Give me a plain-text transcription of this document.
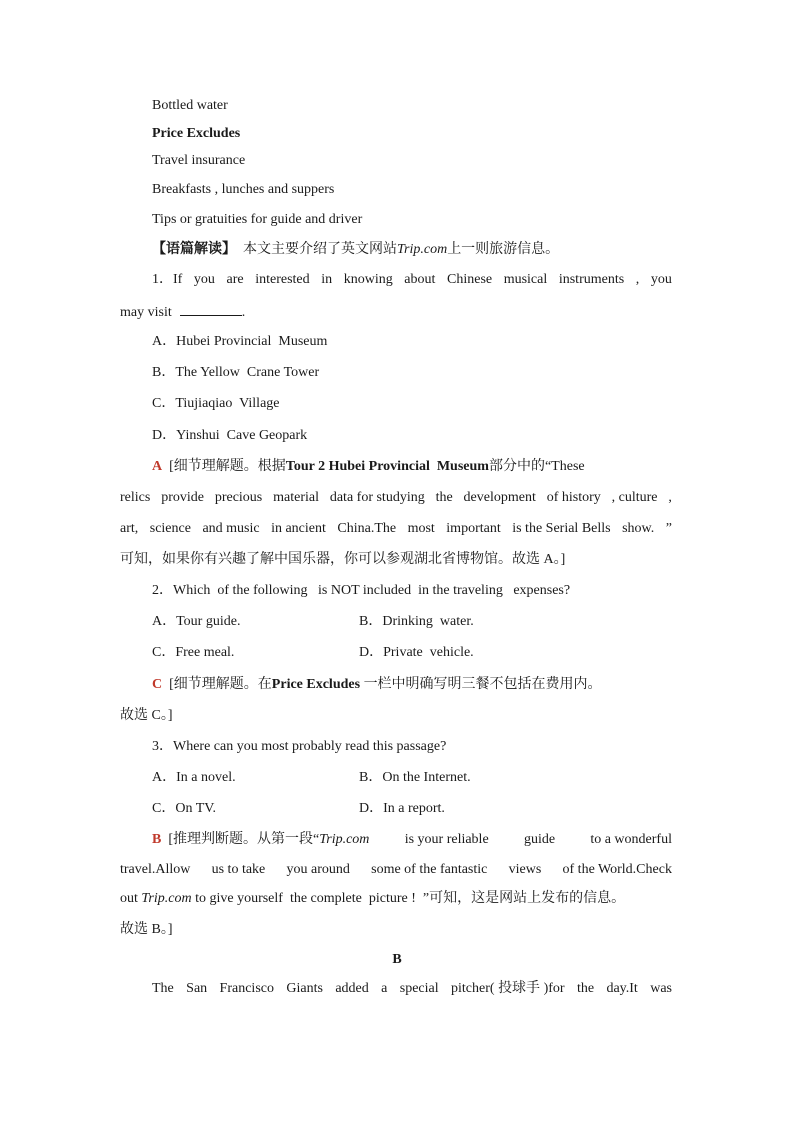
Bottled water
Price Excludes
Travel insurance
Breakfasts , lunches and suppers
Tips or gratuities for guide and driver
【语篇解读】  本文主要介绍了英文网站Trip.com上一则旅游信息。
1．If you are interested in knowing about Chinese musical instruments , you
may visit	.
A．Hubei Provincial  Museum
B．The Yellow  Crane Tower
C．Tiujiaqiao  Village
D．Yinshui  Cave Geopark
A [细节理解题。根据Tour 2 Hubei Provincial  Museum部分中的“These
relics provide precious material data for studying the development of history , culture ,
art, science and music in ancient China.The most important is the Serial Bells show. ”
可知，如果你有兴趣了解中国乐器，你可以参观湖北省博物馆。故选 A。]
2．Which  of the following   is NOT included  in the traveling   expenses?
A．Tour guide.	B．Drinking  water.
C．Free meal.	D．Private  vehicle.
C [细节理解题。在Price Excludes 一栏中明确写明三餐不包括在费用内。
故选 C。]
3．Where can you most probably read this passage?
A．In a novel.	B．On the Internet.
C．On TV.	D．In a report.
B [推理判断题。从第一段“Trip.com	is your reliable	guide	to a wonderful
travel.Allow us to take you around some of the fantastic views of the World.Check
out Trip.com to give yourself  the complete  picture !  ”可知，这是网站上发布的信息。
故选 B。]
B
The San Francisco Giants added a special pitcher( 投球手 )for the day.It was
